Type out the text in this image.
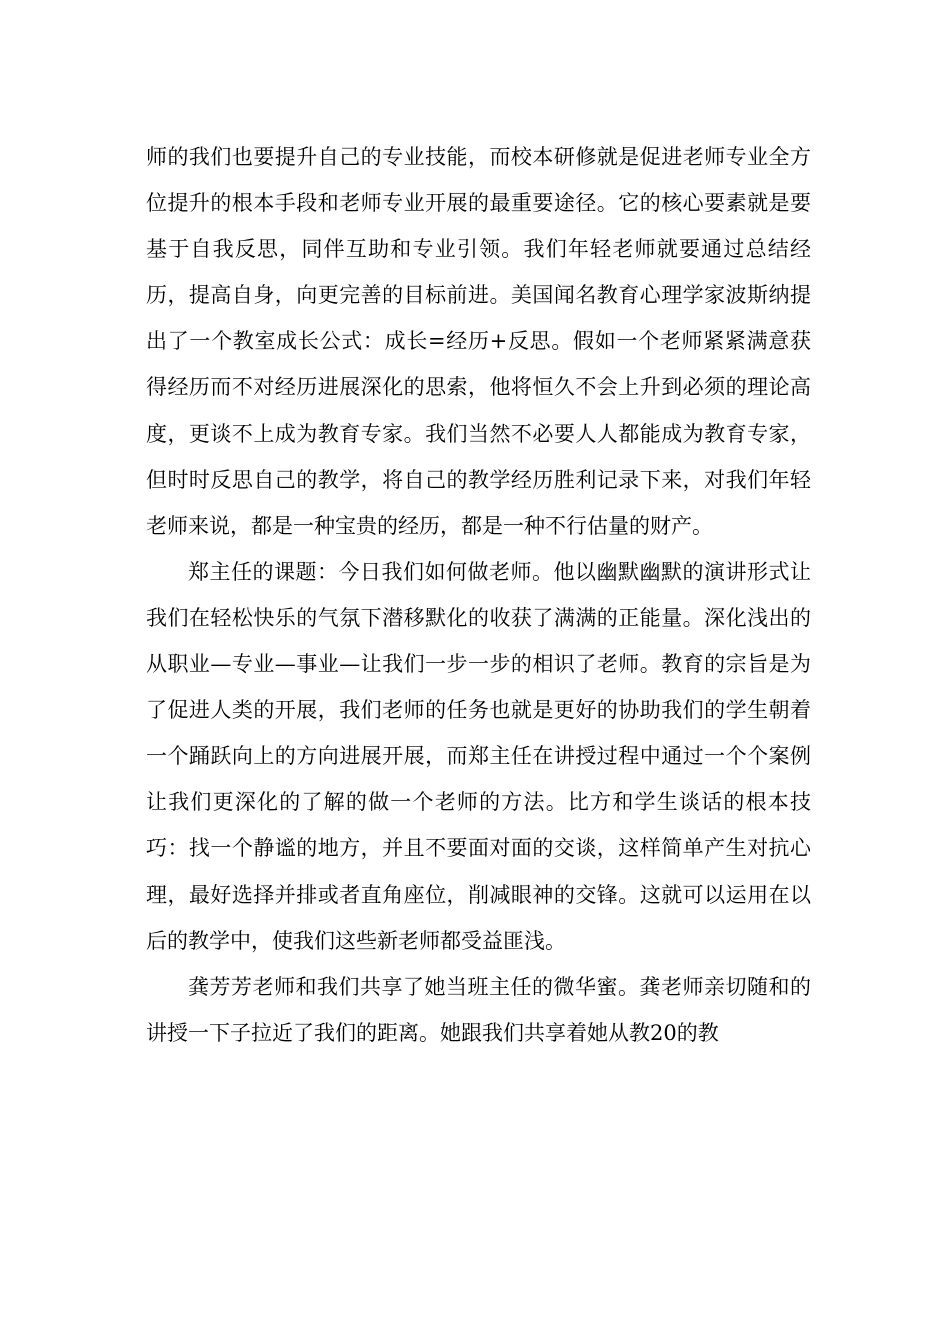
师的我们也要提升自己的专业技能，而校本研修就是促进老师专业全方位提升的根本手段和老师专业开展的最重要途径。它的核心要素就是要基于自我反思，同伴互助和专业引领。我们年轻老师就要通过总结经历，提高自身，向更完善的目标前进。美国闻名教育心理学家波斯纳提出了一个教室成长公式：成长=经历+反思。假如一个老师紧紧满意获得经历而不对经历进展深化的思索，他将恒久不会上升到必须的理论高度，更谈不上成为教育专家。我们当然不必要人人都能成为教育专家，但时时反思自己的教学，将自己的教学经历胜利记录下来，对我们年轻老师来说，都是一种宝贵的经历，都是一种不行估量的财产。

郑主任的课题：今日我们如何做老师。他以幽默幽默的演讲形式让我们在轻松快乐的气氛下潜移默化的收获了满满的正能量。深化浅出的从职业—专业—事业—让我们一步一步的相识了老师。教育的宗旨是为了促进人类的开展，我们老师的任务也就是更好的协助我们的学生朝着一个踊跃向上的方向进展开展，而郑主任在讲授过程中通过一个个案例让我们更深化的了解的做一个老师的方法。比方和学生谈话的根本技巧：找一个静谧的地方，并且不要面对面的交谈，这样简单产生对抗心理，最好选择并排或者直角座位，削减眼神的交锋。这就可以运用在以后的教学中，使我们这些新老师都受益匪浅。

龚芳芳老师和我们共享了她当班主任的微华蜜。龚老师亲切随和的讲授一下子拉近了我们的距离。她跟我们共享着她从教20的教
